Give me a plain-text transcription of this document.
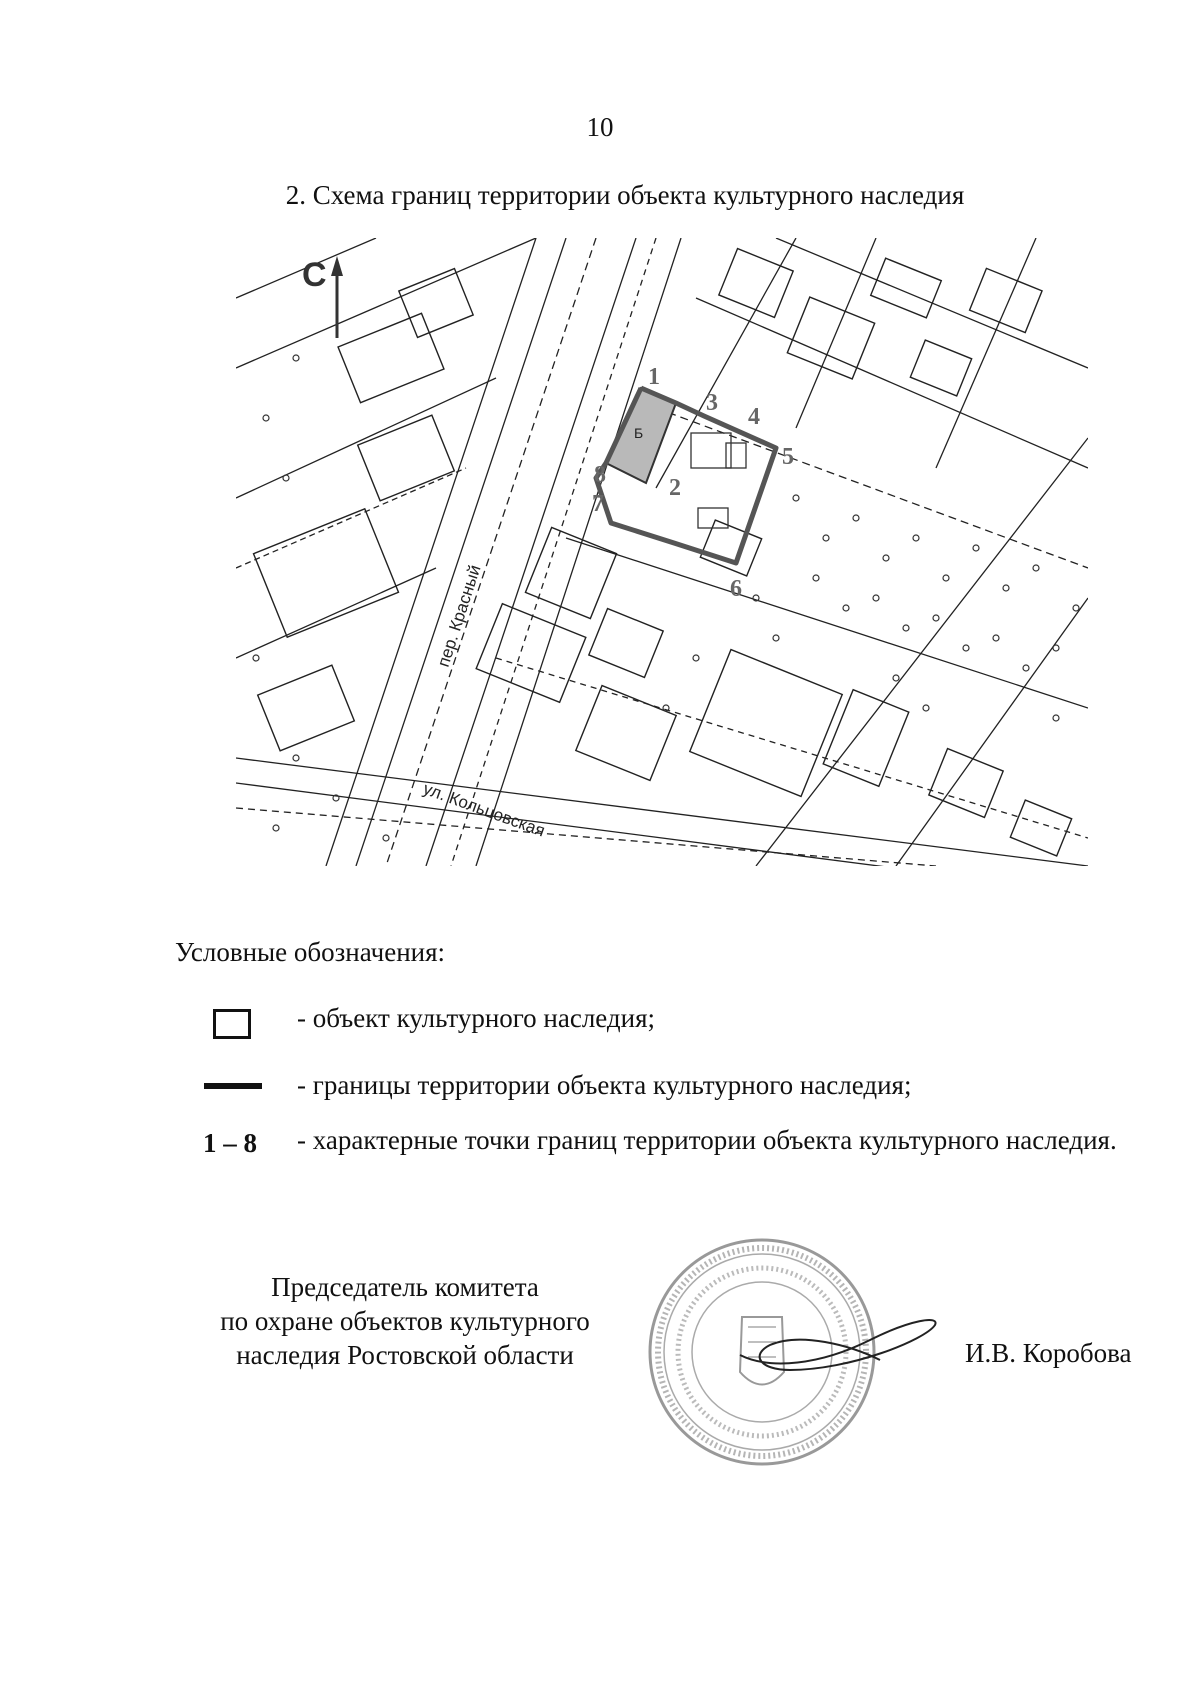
10
2. Схема границ территории объекта культурного наследия
С
пер. Красный
ул. Кольцовская
Б
1
2
3
4
5
6
7
8
Условные обозначения:
- объект культурного наследия;
- границы территории объекта культурного наследия;
1 – 8 - характерные точки границ территории объекта культурного наследия.
Председатель комитета
по охране объектов культурного
наследия Ростовской области	И.В. Коробова
